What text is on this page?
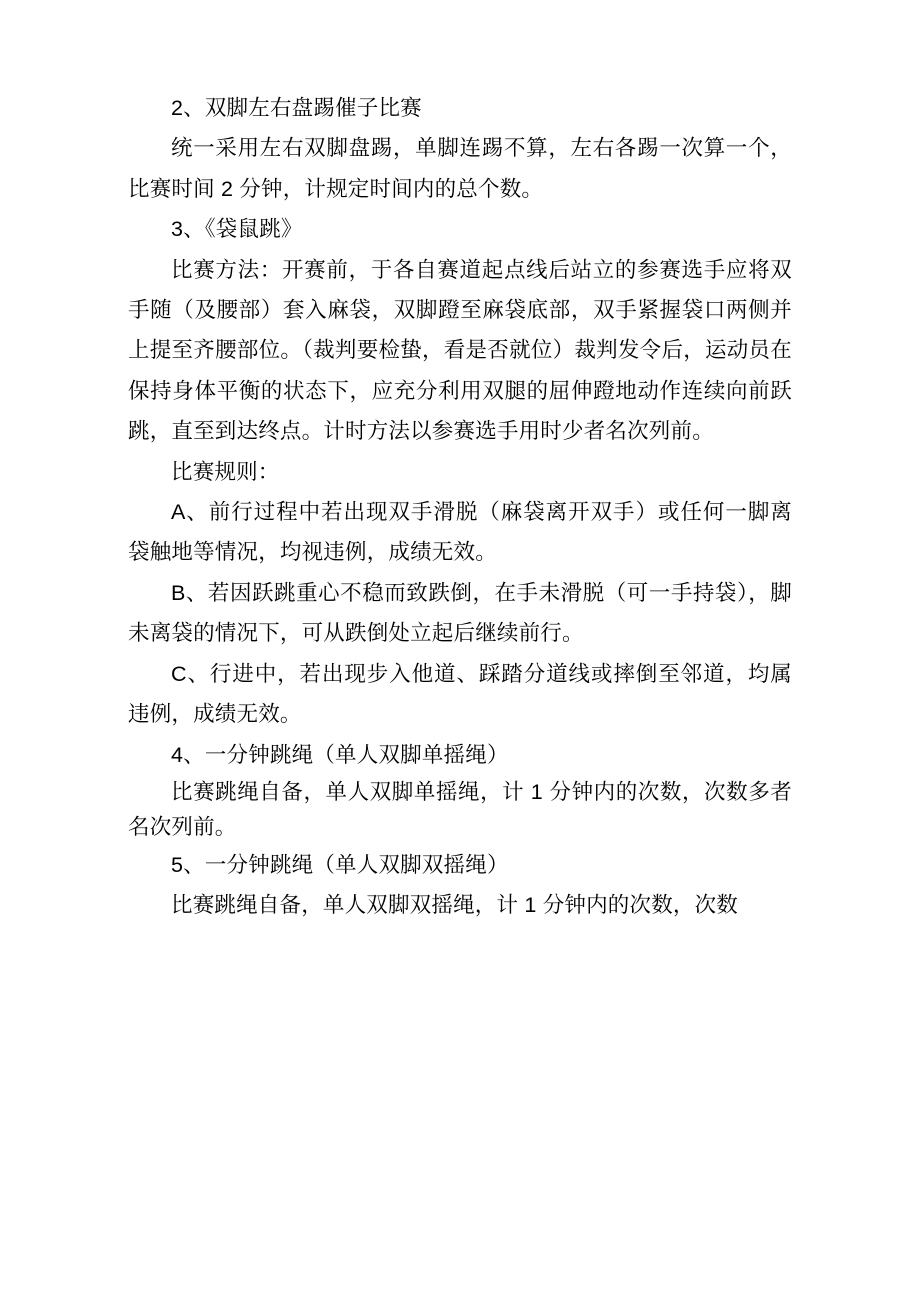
2、双脚左右盘踢催子比赛

统一采用左右双脚盘踢，单脚连踢不算，左右各踢一次算一个，比赛时间 2 分钟，计规定时间内的总个数。

3、《袋鼠跳》

比赛方法：开赛前，于各自赛道起点线后站立的参赛选手应将双手随（及腰部）套入麻袋，双脚蹬至麻袋底部，双手紧握袋口两侧并上提至齐腰部位。（裁判要检蛰，看是否就位）裁判发令后，运动员在保持身体平衡的状态下，应充分利用双腿的屈伸蹬地动作连续向前跃跳，直至到达终点。计时方法以参赛选手用时少者名次列前。

比赛规则：

A、前行过程中若出现双手滑脱（麻袋离开双手）或任何一脚离袋触地等情况，均视违例，成绩无效。

B、若因跃跳重心不稳而致跌倒，在手未滑脱（可一手持袋），脚未离袋的情况下，可从跌倒处立起后继续前行。

C、行进中，若出现步入他道、踩踏分道线或摔倒至邻道，均属违例，成绩无效。

4、一分钟跳绳（单人双脚单摇绳）

比赛跳绳自备，单人双脚单摇绳，计 1 分钟内的次数，次数多者名次列前。

5、一分钟跳绳（单人双脚双摇绳）

比赛跳绳自备，单人双脚双摇绳，计 1 分钟内的次数，次数
